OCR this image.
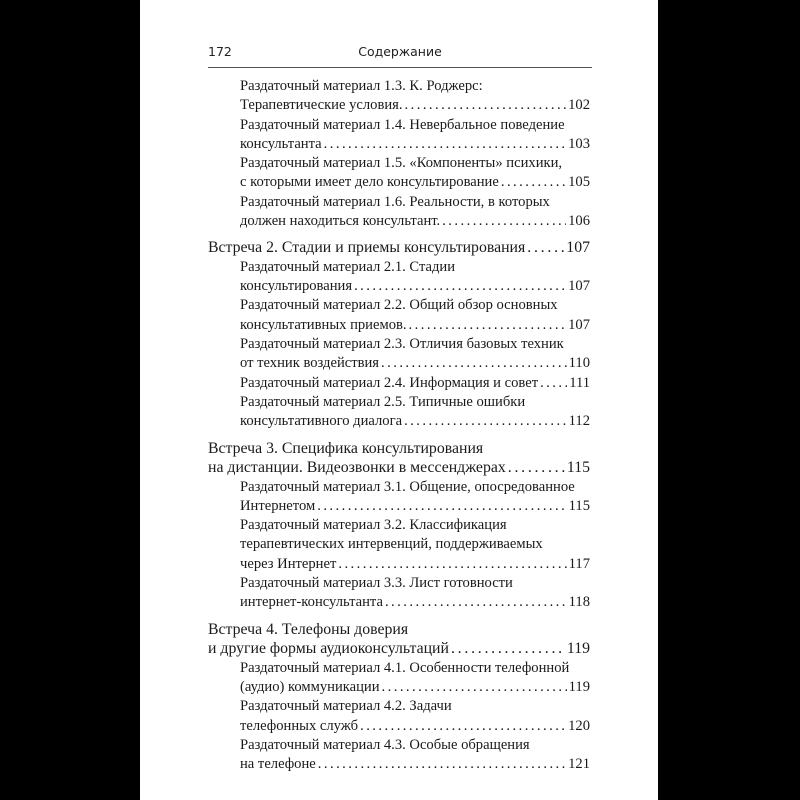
172	Содержание
Раздаточный материал 1.3. К. Роджерс:
Терапевтические условия. . . .	102
Раздаточный материал 1.4. Невербальное поведение
консультанта . . .	103
Раздаточный материал 1.5. «Компоненты» психики,
с которыми имеет дело консультирование . . .	105
Раздаточный материал 1.6. Реальности, в которых
должен находиться консультант. . . .	106
Встреча 2. Стадии и приемы консультирования . . .	107
Раздаточный материал 2.1. Стадии
консультирования . . .	107
Раздаточный материал 2.2. Общий обзор основных
консультативных приемов. . . .	107
Раздаточный материал 2.3. Отличия базовых техник
от техник воздействия . . .	110
Раздаточный материал 2.4. Информация и совет . . . 111
Раздаточный материал 2.5. Типичные ошибки
консультативного диалога . . .	112
Встреча 3. Специфика консультирования
на дистанции. Видеозвонки в мессенджерах . . .	115
Раздаточный материал 3.1. Общение, опосредованное
Интернетом . . .	115
Раздаточный материал 3.2. Классификация
терапевтических интервенций, поддерживаемых
через Интернет . . .	117
Раздаточный материал 3.3. Лист готовности
интернет-консультанта . . .	118
Встреча 4. Телефоны доверия
и другие формы аудиоконсультаций . . .	119
Раздаточный материал 4.1. Особенности телефонной
(аудио) коммуникации . . .	119
Раздаточный материал 4.2. Задачи
телефонных служб . . .	120
Раздаточный материал 4.3. Особые обращения
на телефоне . . .	121
